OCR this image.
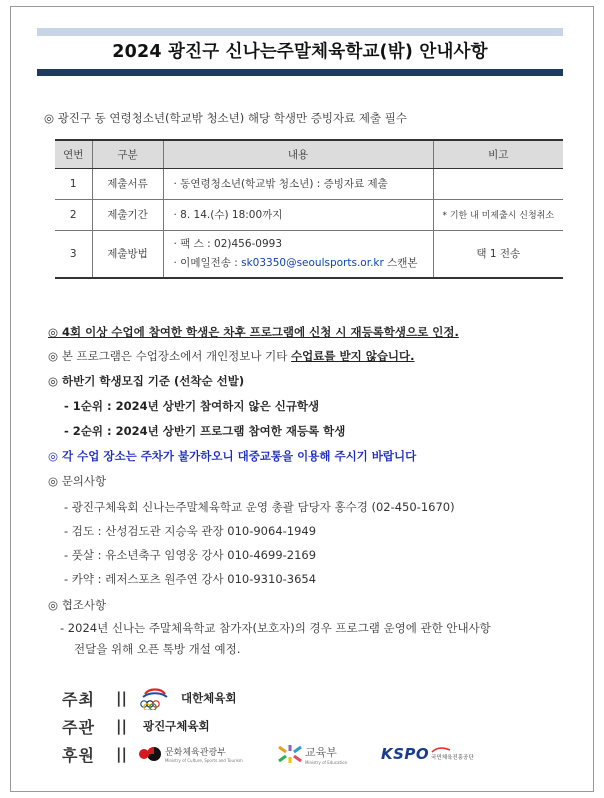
2024 광진구 신나는주말체육학교(밖) 안내사항
◎ 광진구 동 연령청소년(학교밖 청소년) 해당 학생만 증빙자료 제출 필수
연번	구분	내용	비고
1	제출서류	· 동연령청소년(학교밖 청소년) : 증빙자료 제출	
2	제출기간	· 8. 14.(수) 18:00까지	* 기한 내 미제출시 신청취소
3	제출방법	· 팩 스 : 02)456-0993
· 이메일전송 : sk03350@seoulsports.or.kr 스캔본	택 1 전송
◎ 4회 이상 수업에 참여한 학생은 차후 프로그램에 신청 시 재등록학생으로 인정.
◎ 본 프로그램은 수업장소에서 개인정보나 기타 수업료를 받지 않습니다.
◎ 하반기 학생모집 기준 (선착순 선발)
- 1순위 : 2024년 상반기 참여하지 않은 신규학생
- 2순위 : 2024년 상반기 프로그램 참여한 재등록 학생
◎ 각 수업 장소는 주차가 불가하오니 대중교통을 이용해 주시기 바랍니다
◎ 문의사항
- 광진구체육회 신나는주말체육학교 운영 총괄 담당자 홍수경 (02-450-1670)
- 검도 : 산성검도관 지승욱 관장 010-9064-1949
- 풋살 : 유소년축구 임영웅 강사 010-4699-2169
- 카약 : 레저스포츠 원주연 강사 010-9310-3654
◎ 협조사항
- 2024년 신나는 주말체육학교 참가자(보호자)의 경우 프로그램 운영에 관한 안내사항
전달을 위해 오픈 톡방 개설 예정.
주최	||	대한체육회
주관	|| 광진구체육회
후원	||	문화체육관광부
Ministry of Culture, Sports and Tourism
교육부
Ministry of Education KSPO 국민체육진흥공단
